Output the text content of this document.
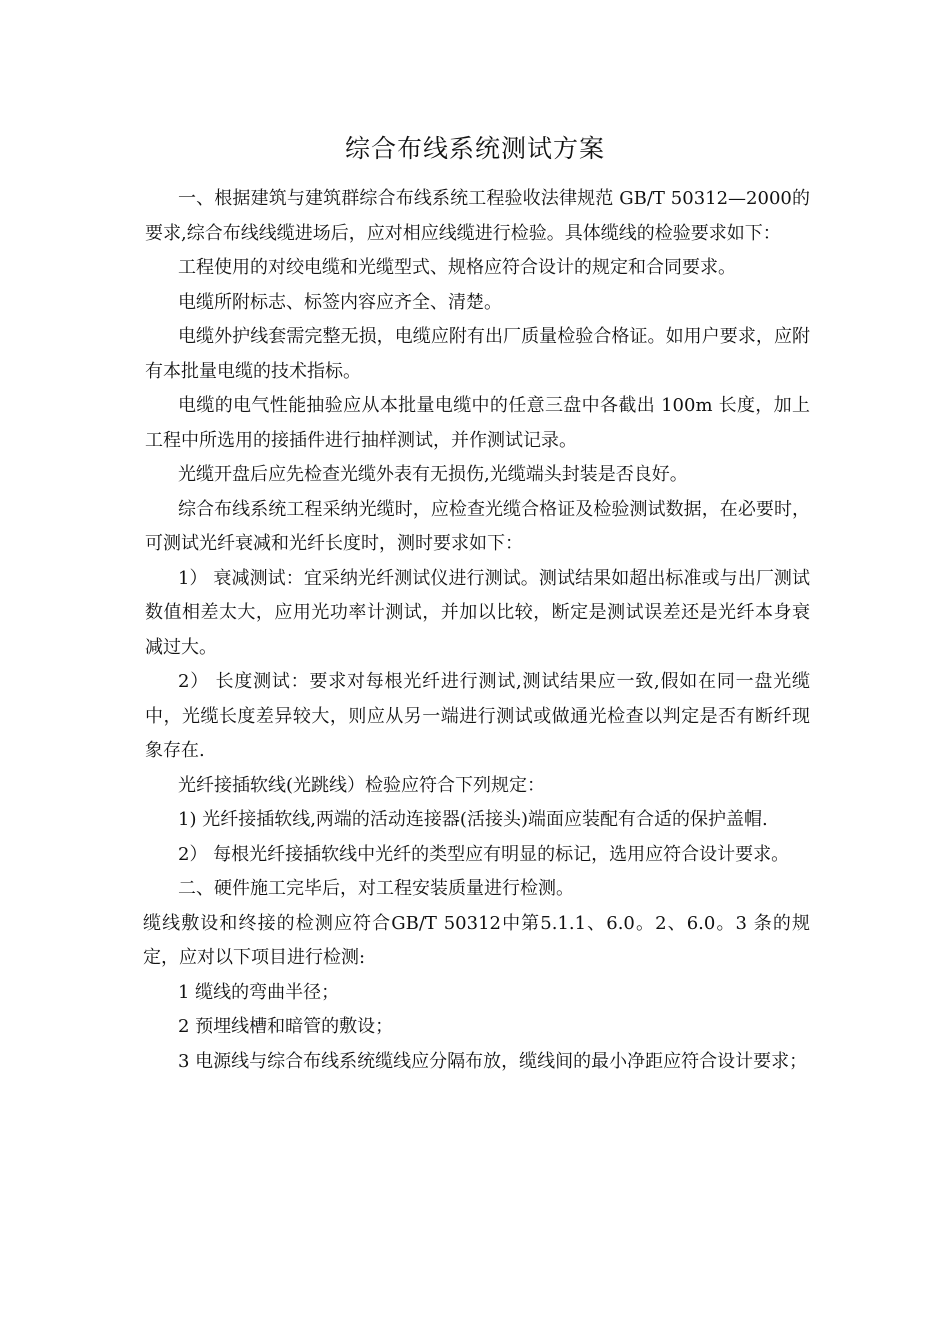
综合布线系统测试方案

一、根据建筑与建筑群综合布线系统工程验收法律规范 GB/T 50312—2000的要求,综合布线线缆进场后，应对相应线缆进行检验。具体缆线的检验要求如下：

工程使用的对绞电缆和光缆型式、规格应符合设计的规定和合同要求。

电缆所附标志、标签内容应齐全、清楚。

电缆外护线套需完整无损，电缆应附有出厂质量检验合格证。如用户要求，应附有本批量电缆的技术指标。

电缆的电气性能抽验应从本批量电缆中的任意三盘中各截出 100m 长度，加上工程中所选用的接插件进行抽样测试，并作测试记录。

光缆开盘后应先检查光缆外表有无损伤,光缆端头封装是否良好。

综合布线系统工程采纳光缆时，应检查光缆合格证及检验测试数据，在必要时，可测试光纤衰减和光纤长度时，测时要求如下：

1） 衰减测试：宜采纳光纤测试仪进行测试。测试结果如超出标准或与出厂测试数值相差太大，应用光功率计测试，并加以比较，断定是测试误差还是光纤本身衰减过大。

2） 长度测试：要求对每根光纤进行测试,测试结果应一致,假如在同一盘光缆中，光缆长度差异较大，则应从另一端进行测试或做通光检查以判定是否有断纤现象存在.

光纤接插软线(光跳线）检验应符合下列规定：

1) 光纤接插软线,两端的活动连接器(活接头)端面应装配有合适的保护盖帽.

2） 每根光纤接插软线中光纤的类型应有明显的标记，选用应符合设计要求。

二、硬件施工完毕后，对工程安装质量进行检测。

缆线敷设和终接的检测应符合GB/T 50312中第5.1.1、6.0。2、6.0。3 条的规定，应对以下项目进行检测:

1 缆线的弯曲半径；

2 预埋线槽和暗管的敷设；

3 电源线与综合布线系统缆线应分隔布放，缆线间的最小净距应符合设计要求；
